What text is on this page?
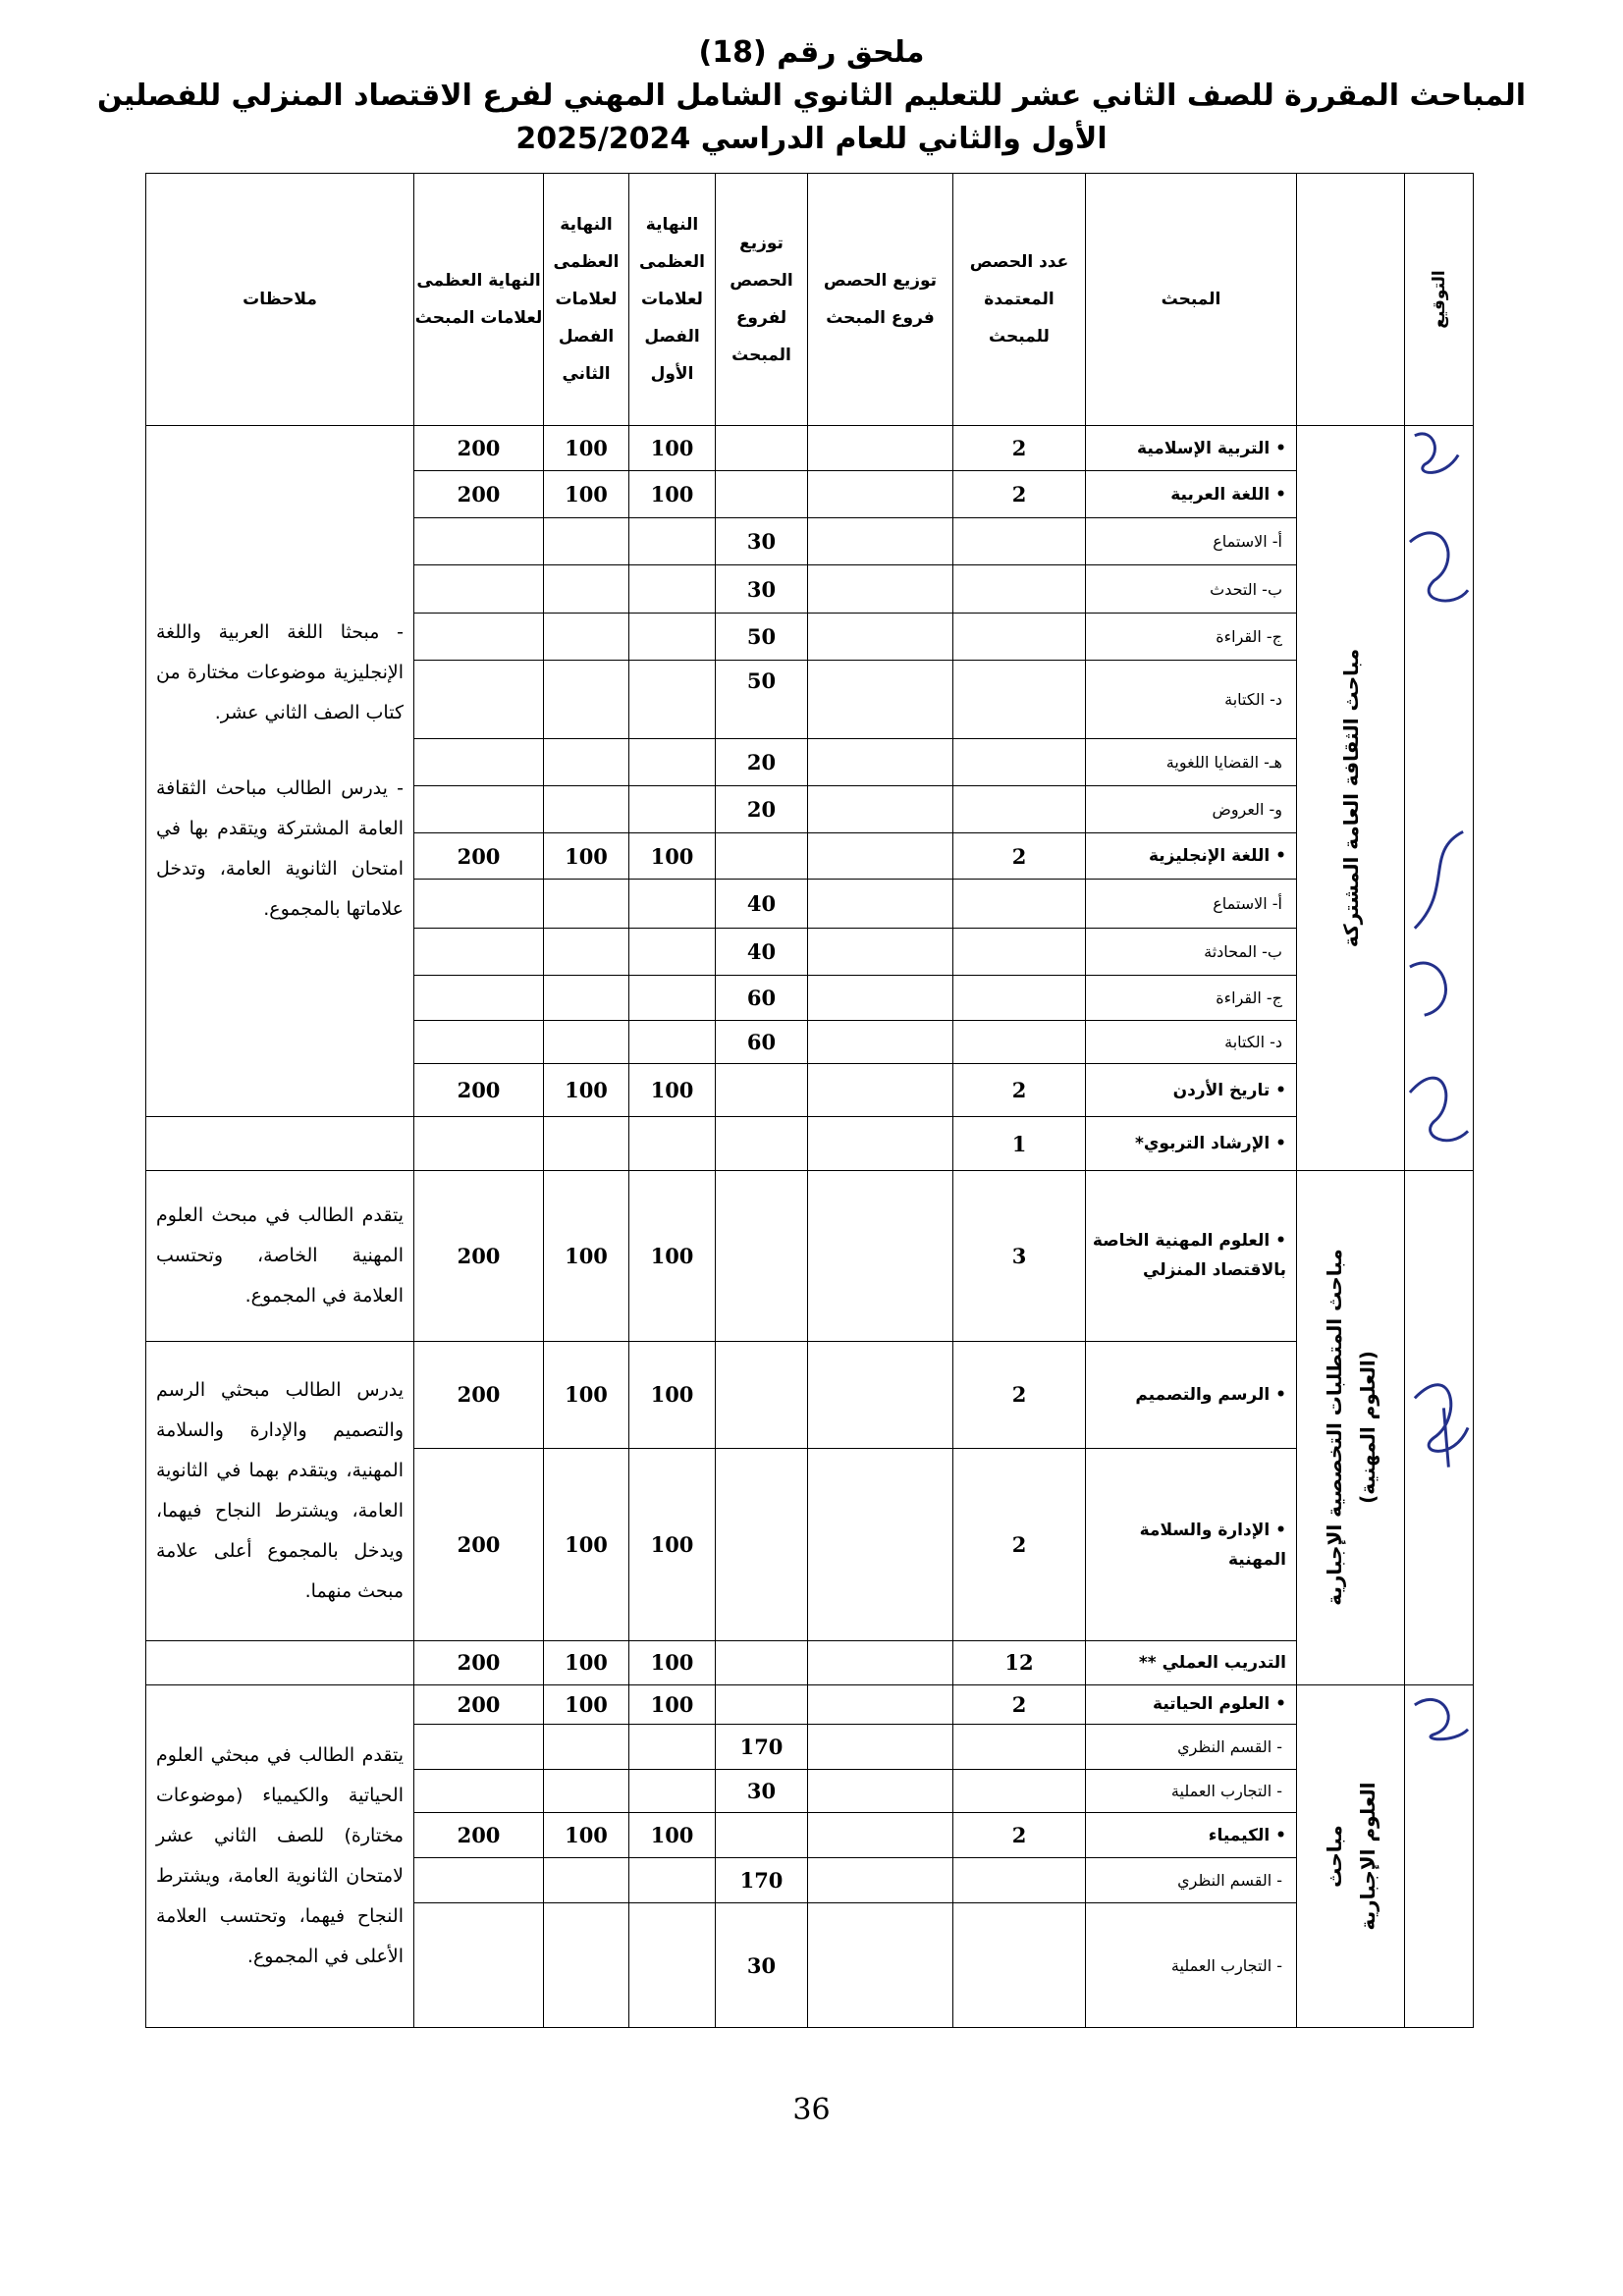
ملحق رقم (18)
المباحث المقررة للصف الثاني عشر للتعليم الثانوي الشامل المهني لفرع الاقتصاد المنزلي للفصلين
الأول والثاني للعام الدراسي 2025/2024
التوقيع		المبحث	عدد الحصص المعتمدة للمبحث	توزيع الحصص فروع المبحث	توزيع الحصص لفروع المبحث	النهاية العظمى لعلامات الفصل الأول	النهاية العظمى لعلامات الفصل الثاني	النهاية العظمى لعلامات المبحث	ملاحظات

مباحث الثقافة العامة المشتركة	• التربية الإسلامية	2			100	100	200	- مبحثا اللغة العربية واللغة الإنجليزية موضوعات مختارة من كتاب الصف الثاني عشر.

- يدرس الطالب مباحث الثقافة العامة المشتركة ويتقدم بها في امتحان الثانوية العامة، وتدخل علاماتها بالمجموع.

		• اللغة العربية	2			100	100	200	
		أ- الاستماع			30				
		ب- التحدث			30				
		ج- القراءة			50				
		د- الكتابة			50				
		هـ- القضايا اللغوية			20				
		و- العروض			20				
		• اللغة الإنجليزية	2			100	100	200	
		أ- الاستماع			40				
		ب- المحادثة			40				
		ج- القراءة			60				
		د- الكتابة			60				
		• تاريخ الأردن	2			100	100	200	
		• الإرشاد التربوي*	1						

مباحث المتطلبات التخصصية الإجبارية (العلوم المهنية)	• العلوم المهنية الخاصة
بالاقتصاد المنزلي	3			100	100	200	يتقدم الطالب في مبحث العلوم المهنية الخاصة، وتحتسب العلامة في المجموع.
		• الرسم والتصميم	2			100	100	200	يدرس الطالب مبحثي الرسم والتصميم والإدارة والسلامة المهنية، ويتقدم بهما في الثانوية العامة، ويشترط النجاح فيهما، ويدخل بالمجموع أعلى علامة مبحث منهما.
		• الإدارة والسلامة
المهنية	2			100	100	200	
		التدريب العملي **	12			100	100	200	

مباحث العلوم الإجبارية	• العلوم الحياتية	2			100	100	200	يتقدم الطالب في مبحثي العلوم الحياتية والكيمياء (موضوعات مختارة) للصف الثاني عشر لامتحان الثانوية العامة، ويشترط النجاح فيهما، وتحتسب العلامة الأعلى في المجموع.
		- القسم النظري			170				
		- التجارب العملية			30				
		• الكيمياء	2			100	100	200	
		- القسم النظري			170				
		- التجارب العملية			30				
36
